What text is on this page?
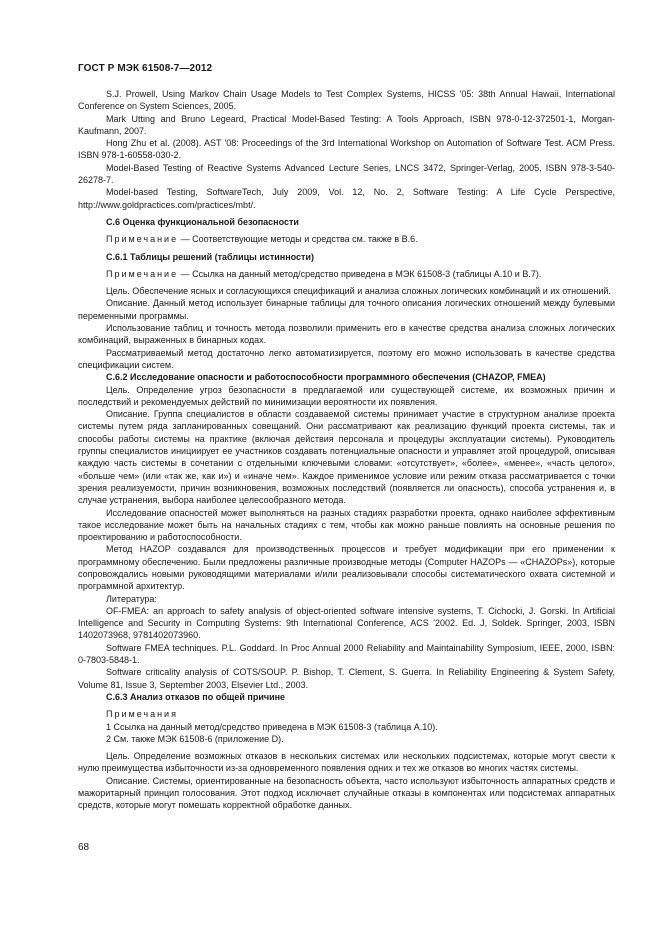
ГОСТ Р МЭК 61508-7—2012

S.J. Prowell, Using Markov Chain Usage Models to Test Complex Systems, HICSS '05: 38th Annual Hawaii, International Conference on System Sciences, 2005.

Mark Utting and Bruno Legeard, Practical Model-Based Testing: A Tools Approach, ISBN 978-0-12-372501-1, Morgan-Kaufmann, 2007.

Hong Zhu et al. (2008). AST '08: Proceedings of the 3rd International Workshop on Automation of Software Test. ACM Press. ISBN 978-1-60558-030-2.

Model-Based Testing of Reactive Systems Advanced Lecture Series, LNCS 3472, Springer-Verlag, 2005, ISBN 978-3-540-26278-7.

Model-based Testing, SoftwareTech, July 2009, Vol. 12, No. 2, Software Testing: A Life Cycle Perspective, http://www.goldpractices.com/practices/mbt/.

С.6 Оценка функциональной безопасности

Примечание — Соответствующие методы и средства см. также в В.6.

С.6.1 Таблицы решений (таблицы истинности)

Примечание — Ссылка на данный метод/средство приведена в МЭК 61508-3 (таблицы А.10 и В.7).

Цель. Обеспечение ясных и согласующихся спецификаций и анализа сложных логических комбинаций и их отношений.

Описание. Данный метод использует бинарные таблицы для точного описания логических отношений между булевыми переменными программы.

Использование таблиц и точность метода позволили применить его в качестве средства анализа сложных логических комбинаций, выраженных в бинарных кодах.

Рассматриваемый метод достаточно легко автоматизируется, поэтому его можно использовать в качестве средства спецификации систем.

С.6.2 Исследование опасности и работоспособности программного обеспечения (CHAZOP, FMEA)

Цель. Определение угроз безопасности в предлагаемой или существующей системе, их возможных причин и последствий и рекомендуемых действий по минимизации вероятности их появления.

Описание. Группа специалистов в области создаваемой системы принимает участие в структурном анализе проекта системы путем ряда запланированных совещаний. Они рассматривают как реализацию функций проекта системы, так и способы работы системы на практике (включая действия персонала и процедуры эксплуатации системы). Руководитель группы специалистов инициирует ее участников создавать потенциальные опасности и управляет этой процедурой, описывая каждую часть системы в сочетании с отдельными ключевыми словами: «отсутствует», «более», «менее», «часть целого», «больше чем» (или «так же, как и») и «иначе чем». Каждое применимое условие или режим отказа рассматривается с точки зрения реализуемости, причин возникновения, возможных последствий (появляется ли опасность), способа устранения и, в случае устранения, выбора наиболее целесообразного метода.

Исследование опасностей может выполняться на разных стадиях разработки проекта, однако наиболее эффективным такое исследование может быть на начальных стадиях с тем, чтобы как можно раньше повлиять на основные решения по проектированию и работоспособности.

Метод HAZOP создавался для производственных процессов и требует модификации при его применении к программному обеспечению. Были предложены различные производные методы (Computer HAZOPs — «CHAZOPs»), которые сопровождались новыми руководящими материалами и/или реализовывали способы систематического охвата системной и программной архитектур.

Литература:

OF-FMEA: an approach to safety analysis of object-oriented software intensive systems, T. Cichocki, J. Gorski. In Artificial Intelligence and Security in Computing Systems: 9th International Conference, ACS '2002. Ed. J, Soldek. Springer, 2003, ISBN 1402073968, 9781402073960.

Software FMEA techniques. P.L. Goddard. In Proc Annual 2000 Reliability and Maintainability Symposium, IEEE, 2000, ISBN: 0-7803-5848-1.

Software criticality analysis of COTS/SOUP. P. Bishop, T. Clement, S. Guerra. In Reliability Engineering & System Safety, Volume 81, Issue 3, September 2003, Elsevier Ltd., 2003.

С.6.3 Анализ отказов по общей причине

Примечания

1 Ссылка на данный метод/средство приведена в МЭК 61508-3 (таблица А.10).

2 См. также МЭК 61508-6 (приложение D).

Цель. Определение возможных отказов в нескольких системах или нескольких подсистемах, которые могут свести к нулю преимущества избыточности из-за одновременного появления одних и тех же отказов во многих частях системы.

Описание. Системы, ориентированные на безопасность объекта, часто используют избыточность аппаратных средств и мажоритарный принцип голосования. Этот подход исключает случайные отказы в компонентах или подсистемах аппаратных средств, которые могут помешать корректной обработке данных.

68
